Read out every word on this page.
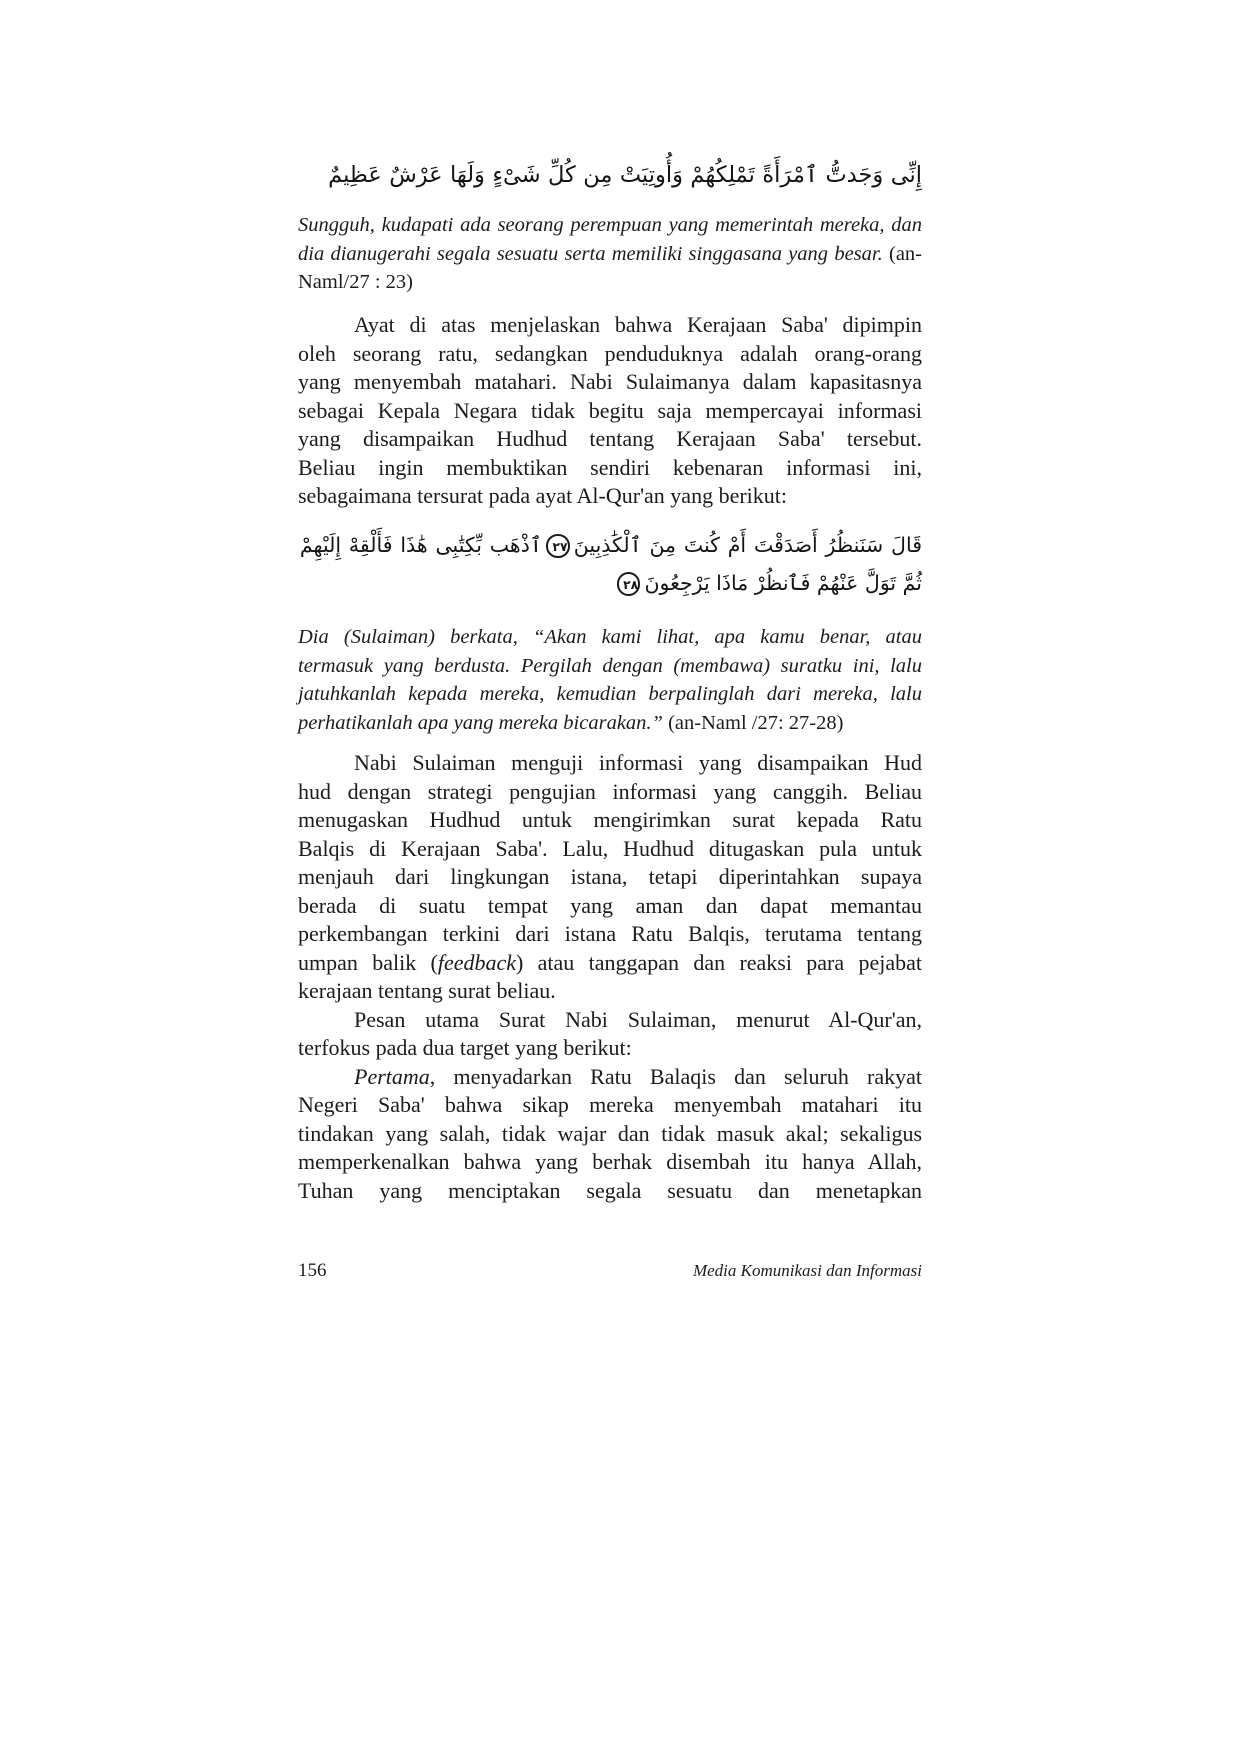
إِنِّى وَجَدتُّ ٱمْرَأَةً تَمْلِكُهُمْ وَأُوتِيَتْ مِن كُلِّ شَىْءٍ وَلَهَا عَرْشٌ عَظِيمٌ
Sungguh, kudapati ada seorang perempuan yang memerintah mereka, dan
dia dianugerahi segala sesuatu serta memiliki singgasana yang besar. (an-
Naml/27 : 23)
Ayat di atas menjelaskan bahwa Kerajaan Saba' dipimpin
oleh seorang ratu, sedangkan penduduknya adalah orang-orang
yang menyembah matahari. Nabi Sulaimanya dalam kapasitasnya
sebagai Kepala Negara tidak begitu saja mempercayai informasi
yang disampaikan Hudhud tentang Kerajaan Saba' tersebut.
Beliau ingin membuktikan sendiri kebenaran informasi ini,
sebagaimana tersurat pada ayat Al-Qur'an yang berikut:
قَالَ سَنَنظُرُ أَصَدَقْتَ أَمْ كُنتَ مِنَ ٱلْكَٰذِبِينَ٢٧ٱذْهَب بِّكِتَٰبِى هَٰذَا فَأَلْقِهْ إِلَيْهِمْ
ثُمَّ تَوَلَّ عَنْهُمْ فَٱنظُرْ مَاذَا يَرْجِعُونَ٢٨
Dia (Sulaiman) berkata, “Akan kami lihat, apa kamu benar, atau
termasuk yang berdusta. Pergilah dengan (membawa) suratku ini, lalu
jatuhkanlah kepada mereka, kemudian berpalinglah dari mereka, lalu
perhatikanlah apa yang mereka bicarakan.” (an-Naml /27: 27-28)
Nabi Sulaiman menguji informasi yang disampaikan Hud
hud dengan strategi pengujian informasi yang canggih. Beliau
menugaskan Hudhud untuk mengirimkan surat kepada Ratu
Balqis di Kerajaan Saba'. Lalu, Hudhud ditugaskan pula untuk
menjauh dari lingkungan istana, tetapi diperintahkan supaya
berada di suatu tempat yang aman dan dapat memantau
perkembangan terkini dari istana Ratu Balqis, terutama tentang
umpan balik (feedback) atau tanggapan dan reaksi para pejabat
kerajaan tentang surat beliau.
Pesan utama Surat Nabi Sulaiman, menurut Al-Qur'an,
terfokus pada dua target yang berikut:
Pertama, menyadarkan Ratu Balaqis dan seluruh rakyat
Negeri Saba' bahwa sikap mereka menyembah matahari itu
tindakan yang salah, tidak wajar dan tidak masuk akal; sekaligus
memperkenalkan bahwa yang berhak disembah itu hanya Allah,
Tuhan yang menciptakan segala sesuatu dan menetapkan
156	Media Komunikasi dan Informasi
